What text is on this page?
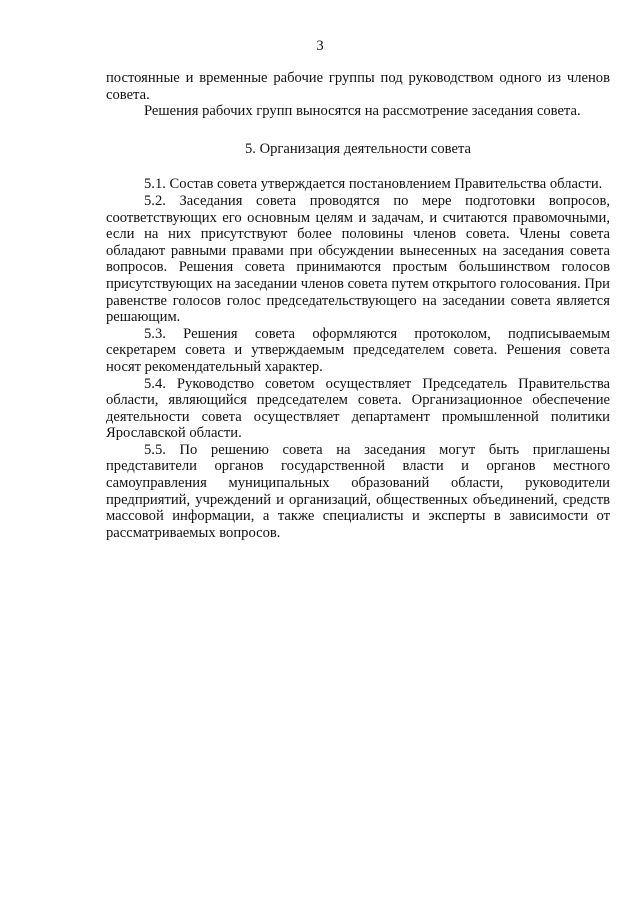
3

постоянные и временные рабочие группы под руководством одного из членов совета.

Решения рабочих групп выносятся на рассмотрение заседания совета.

5. Организация деятельности совета

5.1. Состав совета утверждается постановлением Правительства области.

5.2. Заседания совета проводятся по мере подготовки вопросов, соответствующих его основным целям и задачам, и считаются правомочными, если на них присутствуют более половины членов совета. Члены совета обладают равными правами при обсуждении вынесенных на заседания совета вопросов. Решения совета принимаются простым большинством голосов присутствующих на заседании членов совета путем открытого голосования. При равенстве голосов голос председательствующего на заседании совета является решающим.

5.3. Решения совета оформляются протоколом, подписываемым секретарем совета и утверждаемым председателем совета. Решения совета носят рекомендательный характер.

5.4. Руководство советом осуществляет Председатель Правительства области, являющийся председателем совета. Организационное обеспечение деятельности совета осуществляет департамент промышленной политики Ярославской области.

5.5. По решению совета на заседания могут быть приглашены представители органов государственной власти и органов местного самоуправления муниципальных образований области, руководители предприятий, учреждений и организаций, общественных объединений, средств массовой информации, а также специалисты и эксперты в зависимости от рассматриваемых вопросов.
